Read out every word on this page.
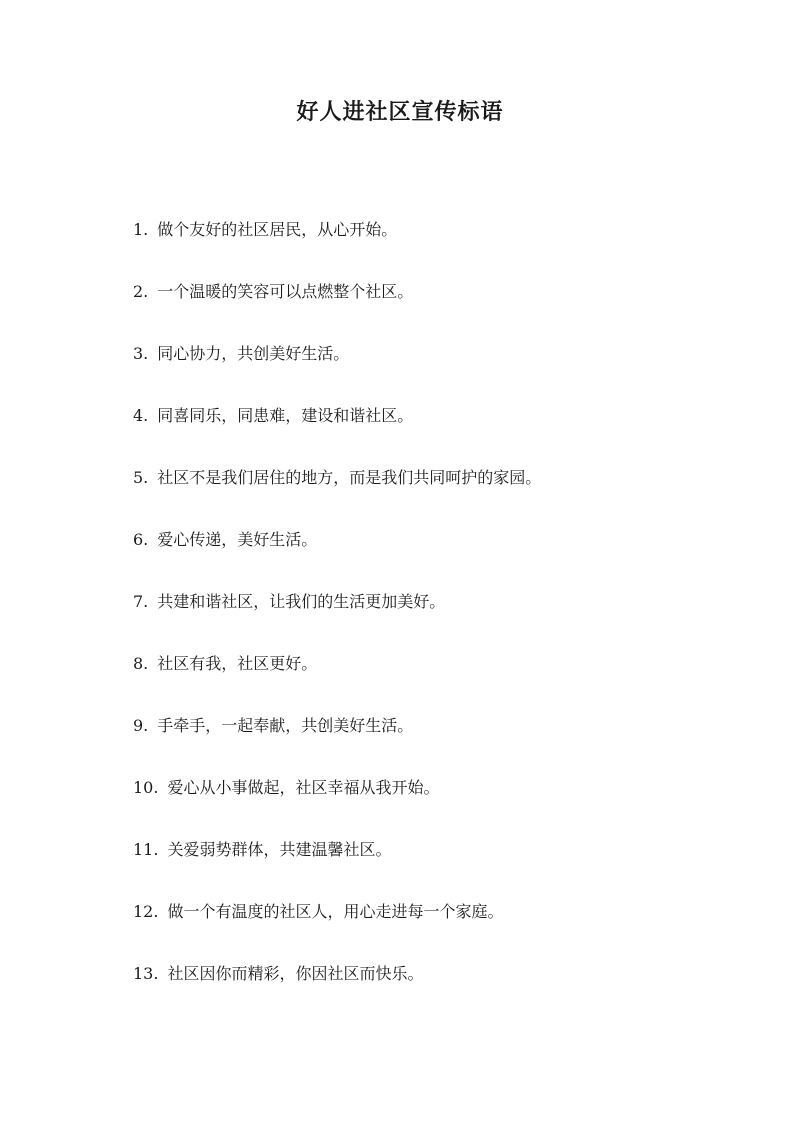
好人进社区宣传标语
1. 做个友好的社区居民，从心开始。
2. 一个温暖的笑容可以点燃整个社区。
3. 同心协力，共创美好生活。
4. 同喜同乐，同患难，建设和谐社区。
5. 社区不是我们居住的地方，而是我们共同呵护的家园。
6. 爱心传递，美好生活。
7. 共建和谐社区，让我们的生活更加美好。
8. 社区有我，社区更好。
9. 手牵手，一起奉献，共创美好生活。
10. 爱心从小事做起，社区幸福从我开始。
11. 关爱弱势群体，共建温馨社区。
12. 做一个有温度的社区人，用心走进每一个家庭。
13. 社区因你而精彩，你因社区而快乐。
